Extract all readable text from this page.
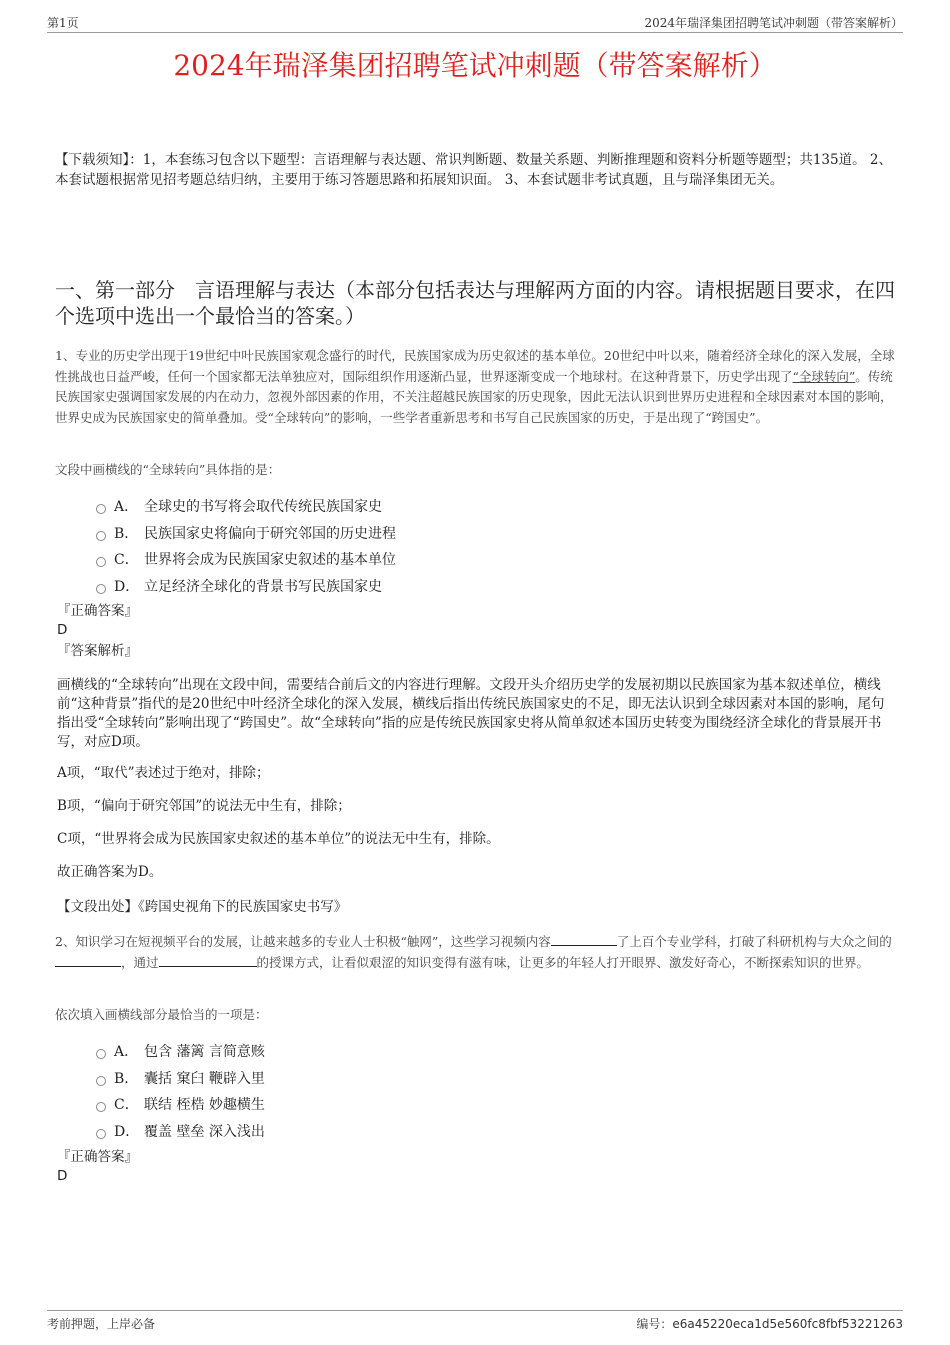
第1页	2024年瑞泽集团招聘笔试冲刺题（带答案解析）
2024年瑞泽集团招聘笔试冲刺题（带答案解析）

【下载须知】：1，本套练习包含以下题型：言语理解与表达题、常识判断题、数量关系题、判断推理题和资料分析题等题型；共135道。 2、本套试题根据常见招考题总结归纳，主要用于练习答题思路和拓展知识面。 3、本套试题非考试真题，且与瑞泽集团无关。

一、第一部分　言语理解与表达（本部分包括表达与理解两方面的内容。请根据题目要求，在四个选项中选出一个最恰当的答案。）

1、专业的历史学出现于19世纪中叶民族国家观念盛行的时代，民族国家成为历史叙述的基本单位。20世纪中叶以来，随着经济全球化的深入发展，全球性挑战也日益严峻，任何一个国家都无法单独应对，国际组织作用逐渐凸显，世界逐渐变成一个地球村。在这种背景下，历史学出现了“全球转向”。传统民族国家史强调国家发展的内在动力，忽视外部因素的作用，不关注超越民族国家的历史现象，因此无法认识到世界历史进程和全球因素对本国的影响，世界史成为民族国家史的简单叠加。受“全球转向”的影响，一些学者重新思考和书写自己民族国家的历史，于是出现了“跨国史”。

文段中画横线的“全球转向”具体指的是：

A． 全球史的书写将会取代传统民族国家史
B． 民族国家史将偏向于研究邻国的历史进程
C． 世界将会成为民族国家史叙述的基本单位
D． 立足经济全球化的背景书写民族国家史

『正确答案』

D

『答案解析』

画横线的“全球转向”出现在文段中间，需要结合前后文的内容进行理解。文段开头介绍历史学的发展初期以民族国家为基本叙述单位，横线前“这种背景”指代的是20世纪中叶经济全球化的深入发展，横线后指出传统民族国家史的不足，即无法认识到全球因素对本国的影响，尾句指出受“全球转向”影响出现了“跨国史”。故“全球转向”指的应是传统民族国家史将从简单叙述本国历史转变为围绕经济全球化的背景展开书写，对应D项。

A项，“取代”表述过于绝对，排除；

B项，“偏向于研究邻国”的说法无中生有，排除；

C项，“世界将会成为民族国家史叙述的基本单位”的说法无中生有，排除。

故正确答案为D。

【文段出处】《跨国史视角下的民族国家史书写》

2、知识学习在短视频平台的发展，让越来越多的专业人士积极“触网”，这些学习视频内容	了上百个专业学科，打破了科研机构与大众之间的，通过	的授课方式，让看似艰涩的知识变得有滋有味，让更多的年轻人打开眼界、激发好奇心，不断探索知识的世界。

依次填入画横线部分最恰当的一项是：

A． 包含 藩篱 言简意赅
B． 囊括 窠臼 鞭辟入里
C． 联结 桎梏 妙趣横生
D． 覆盖 壁垒 深入浅出

『正确答案』

D

考前押题，上岸必备	编号：e6a45220eca1d5e560fc8fbf53221263
